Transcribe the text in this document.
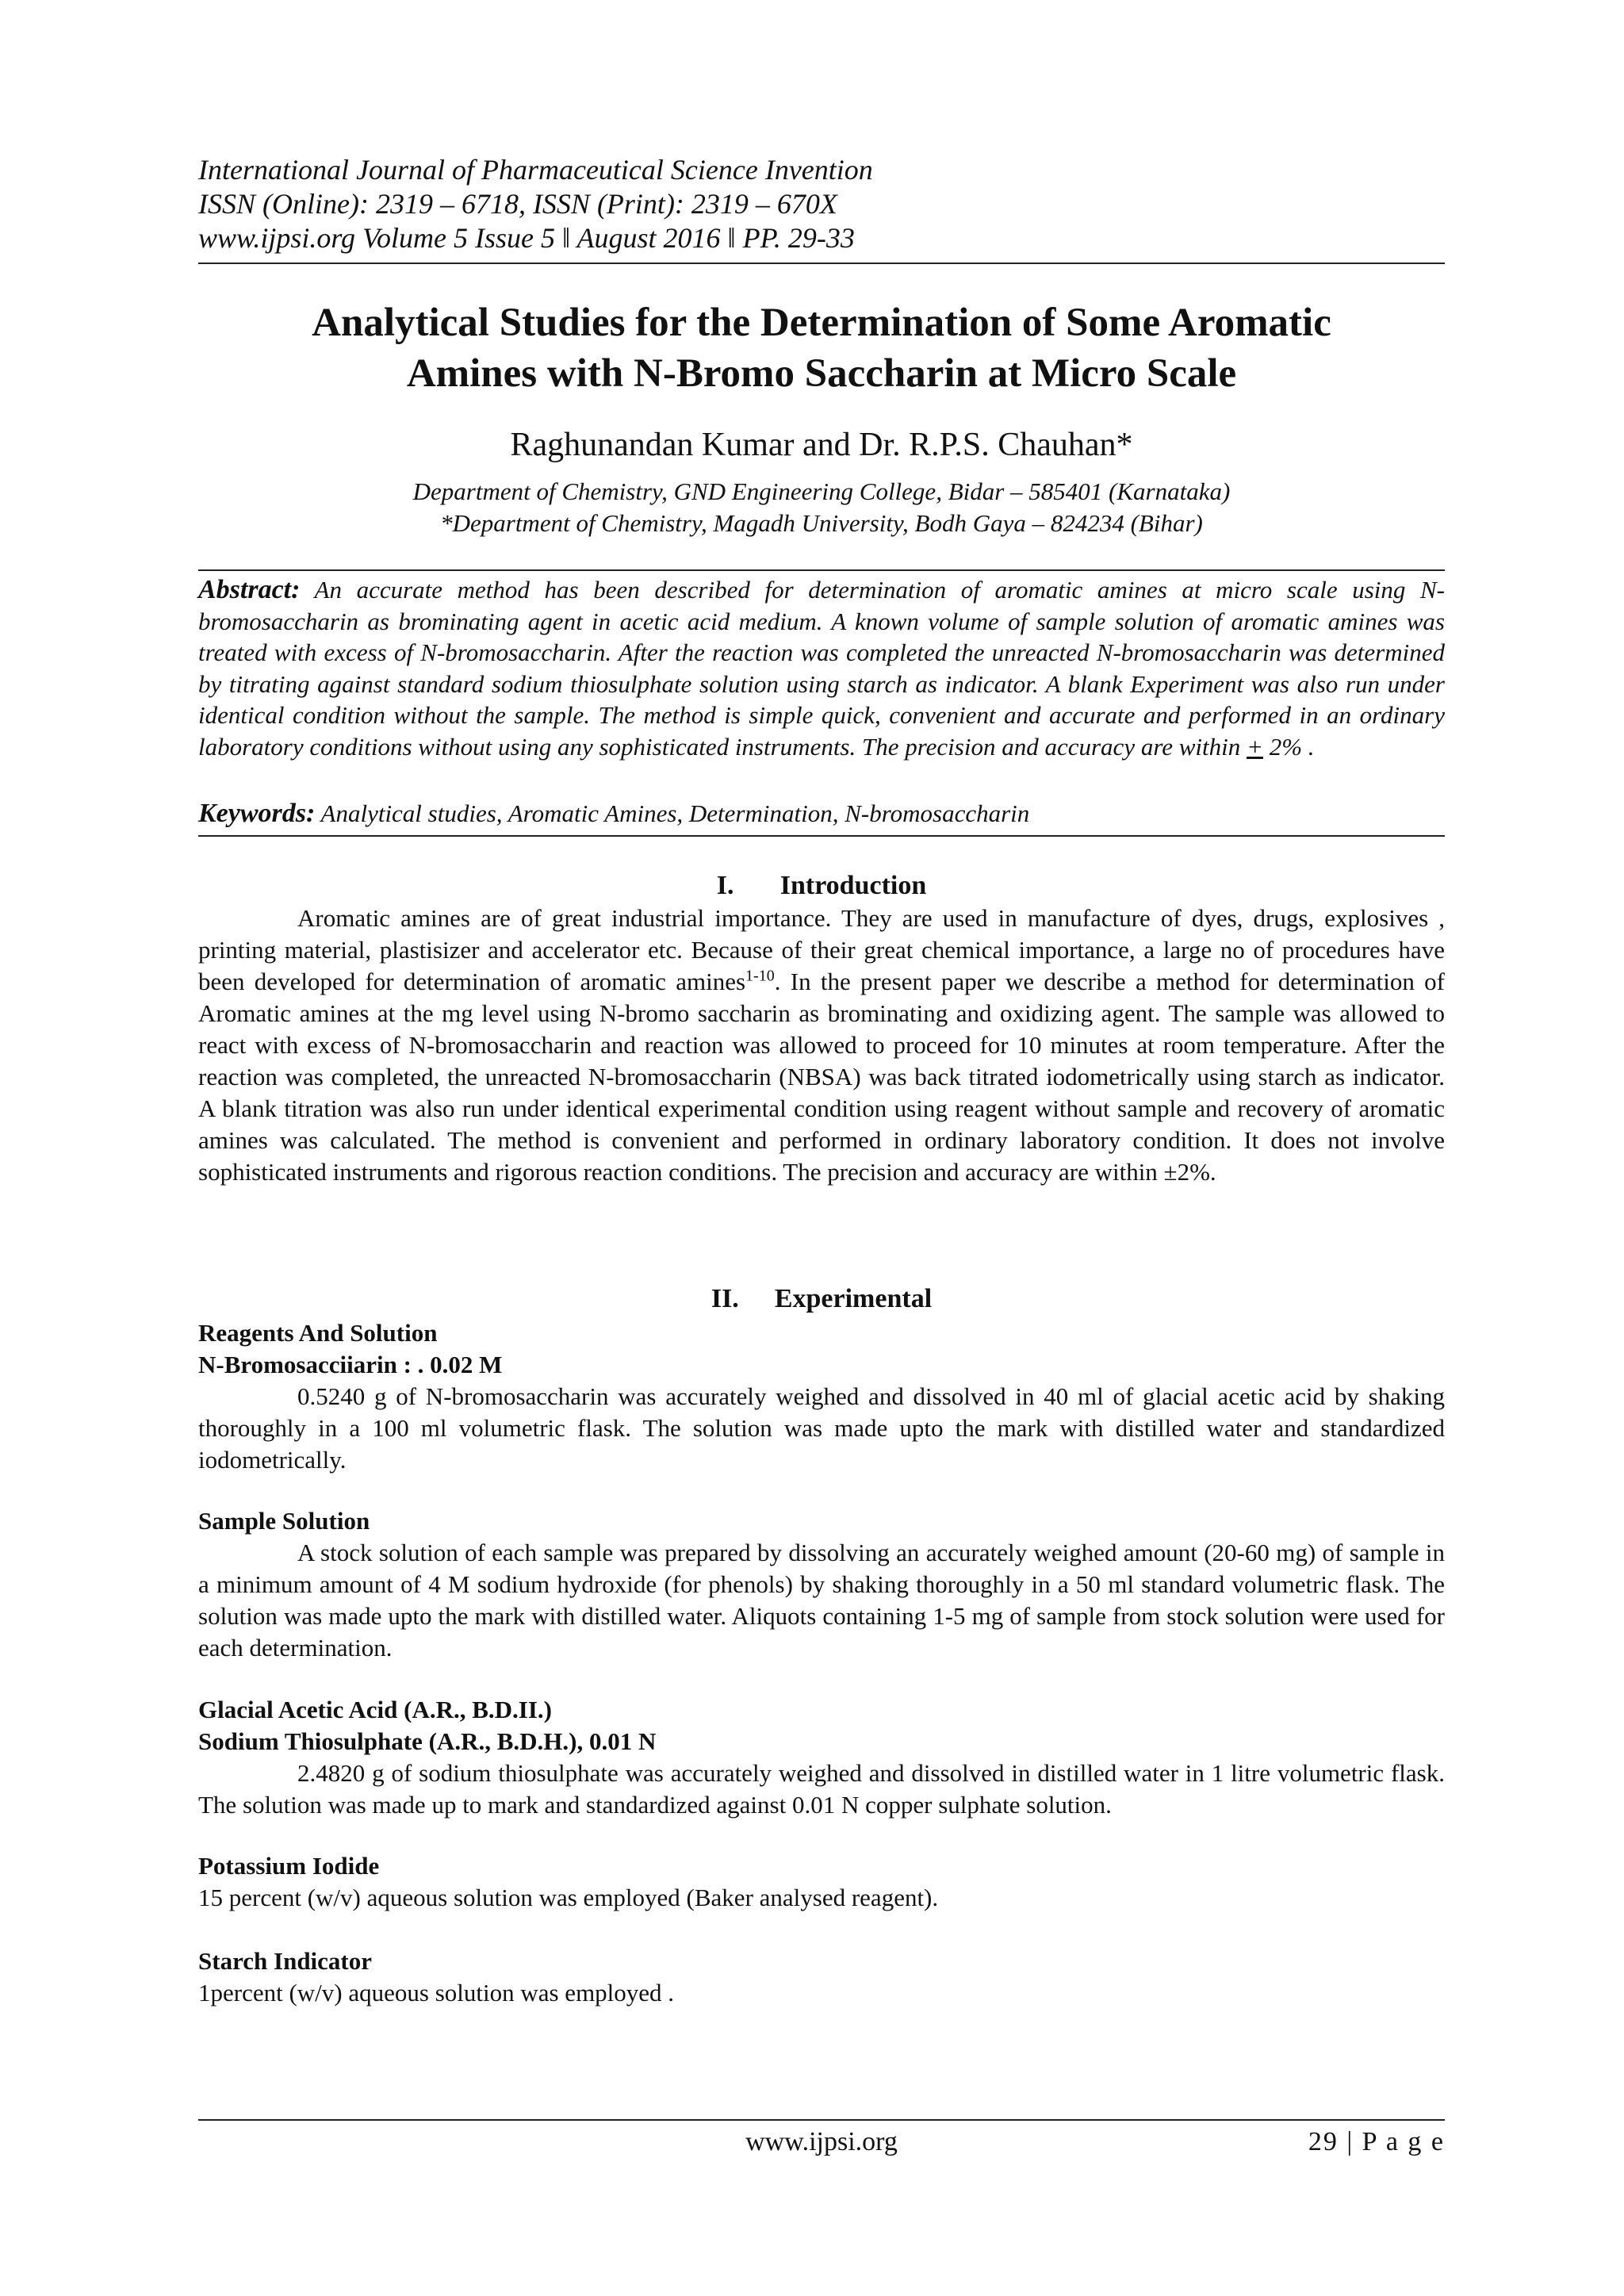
International Journal of Pharmaceutical Science Invention
ISSN (Online): 2319 – 6718, ISSN (Print): 2319 – 670X
www.ijpsi.org Volume 5 Issue 5 ǁ August 2016 ǁ PP. 29-33
Analytical Studies for the Determination of Some Aromatic
Amines with N-Bromo Saccharin at Micro Scale
Raghunandan Kumar and Dr. R.P.S. Chauhan*
Department of Chemistry, GND Engineering College, Bidar – 585401 (Karnataka)
*Department of Chemistry, Magadh University, Bodh Gaya – 824234 (Bihar)
Abstract: An accurate method has been described for determination of aromatic amines at micro scale using N-bromosaccharin as brominating agent in acetic acid medium. A known volume of sample solution of aromatic amines was treated with excess of N-bromosaccharin. After the reaction was completed the unreacted N-bromosaccharin was determined by titrating against standard sodium thiosulphate solution using starch as indicator. A blank Experiment was also run under identical condition without the sample. The method is simple quick, convenient and accurate and performed in an ordinary laboratory conditions without using any sophisticated instruments. The precision and accuracy are within + 2% .
Keywords: Analytical studies, Aromatic Amines, Determination, N-bromosaccharin
I. Introduction
Aromatic amines are of great industrial importance. They are used in manufacture of dyes, drugs, explosives , printing material, plastisizer and accelerator etc. Because of their great chemical importance, a large no of procedures have been developed for determination of aromatic amines$^{1-10}$. In the present paper we describe a method for determination of Aromatic amines at the mg level using N-bromo saccharin as brominating and oxidizing agent. The sample was allowed to react with excess of N-bromosaccharin and reaction was allowed to proceed for 10 minutes at room temperature. After the reaction was completed, the unreacted N-bromosaccharin (NBSA) was back titrated iodometrically using starch as indicator. A blank titration was also run under identical experimental condition using reagent without sample and recovery of aromatic amines was calculated. The method is convenient and performed in ordinary laboratory condition. It does not involve sophisticated instruments and rigorous reaction conditions. The precision and accuracy are within ±2%.
II. Experimental
Reagents And Solution
N-Bromosacciiarin : . 0.02 M
0.5240 g of N-bromosaccharin was accurately weighed and dissolved in 40 ml of glacial acetic acid by shaking thoroughly in a 100 ml volumetric flask. The solution was made upto the mark with distilled water and standardized iodometrically.
Sample Solution
A stock solution of each sample was prepared by dissolving an accurately weighed amount (20-60 mg) of sample in a minimum amount of 4 M sodium hydroxide (for phenols) by shaking thoroughly in a 50 ml standard volumetric flask. The solution was made upto the mark with distilled water. Aliquots containing 1-5 mg of sample from stock solution were used for each determination.
Glacial Acetic Acid (A.R., B.D.II.)
Sodium Thiosulphate (A.R., B.D.H.), 0.01 N
2.4820 g of sodium thiosulphate was accurately weighed and dissolved in distilled water in 1 litre volumetric flask. The solution was made up to mark and standardized against 0.01 N copper sulphate solution.
Potassium Iodide
15 percent (w/v) aqueous solution was employed (Baker analysed reagent).
Starch Indicator
1percent (w/v) aqueous solution was employed .
www.ijpsi.org	29 | P a g e
